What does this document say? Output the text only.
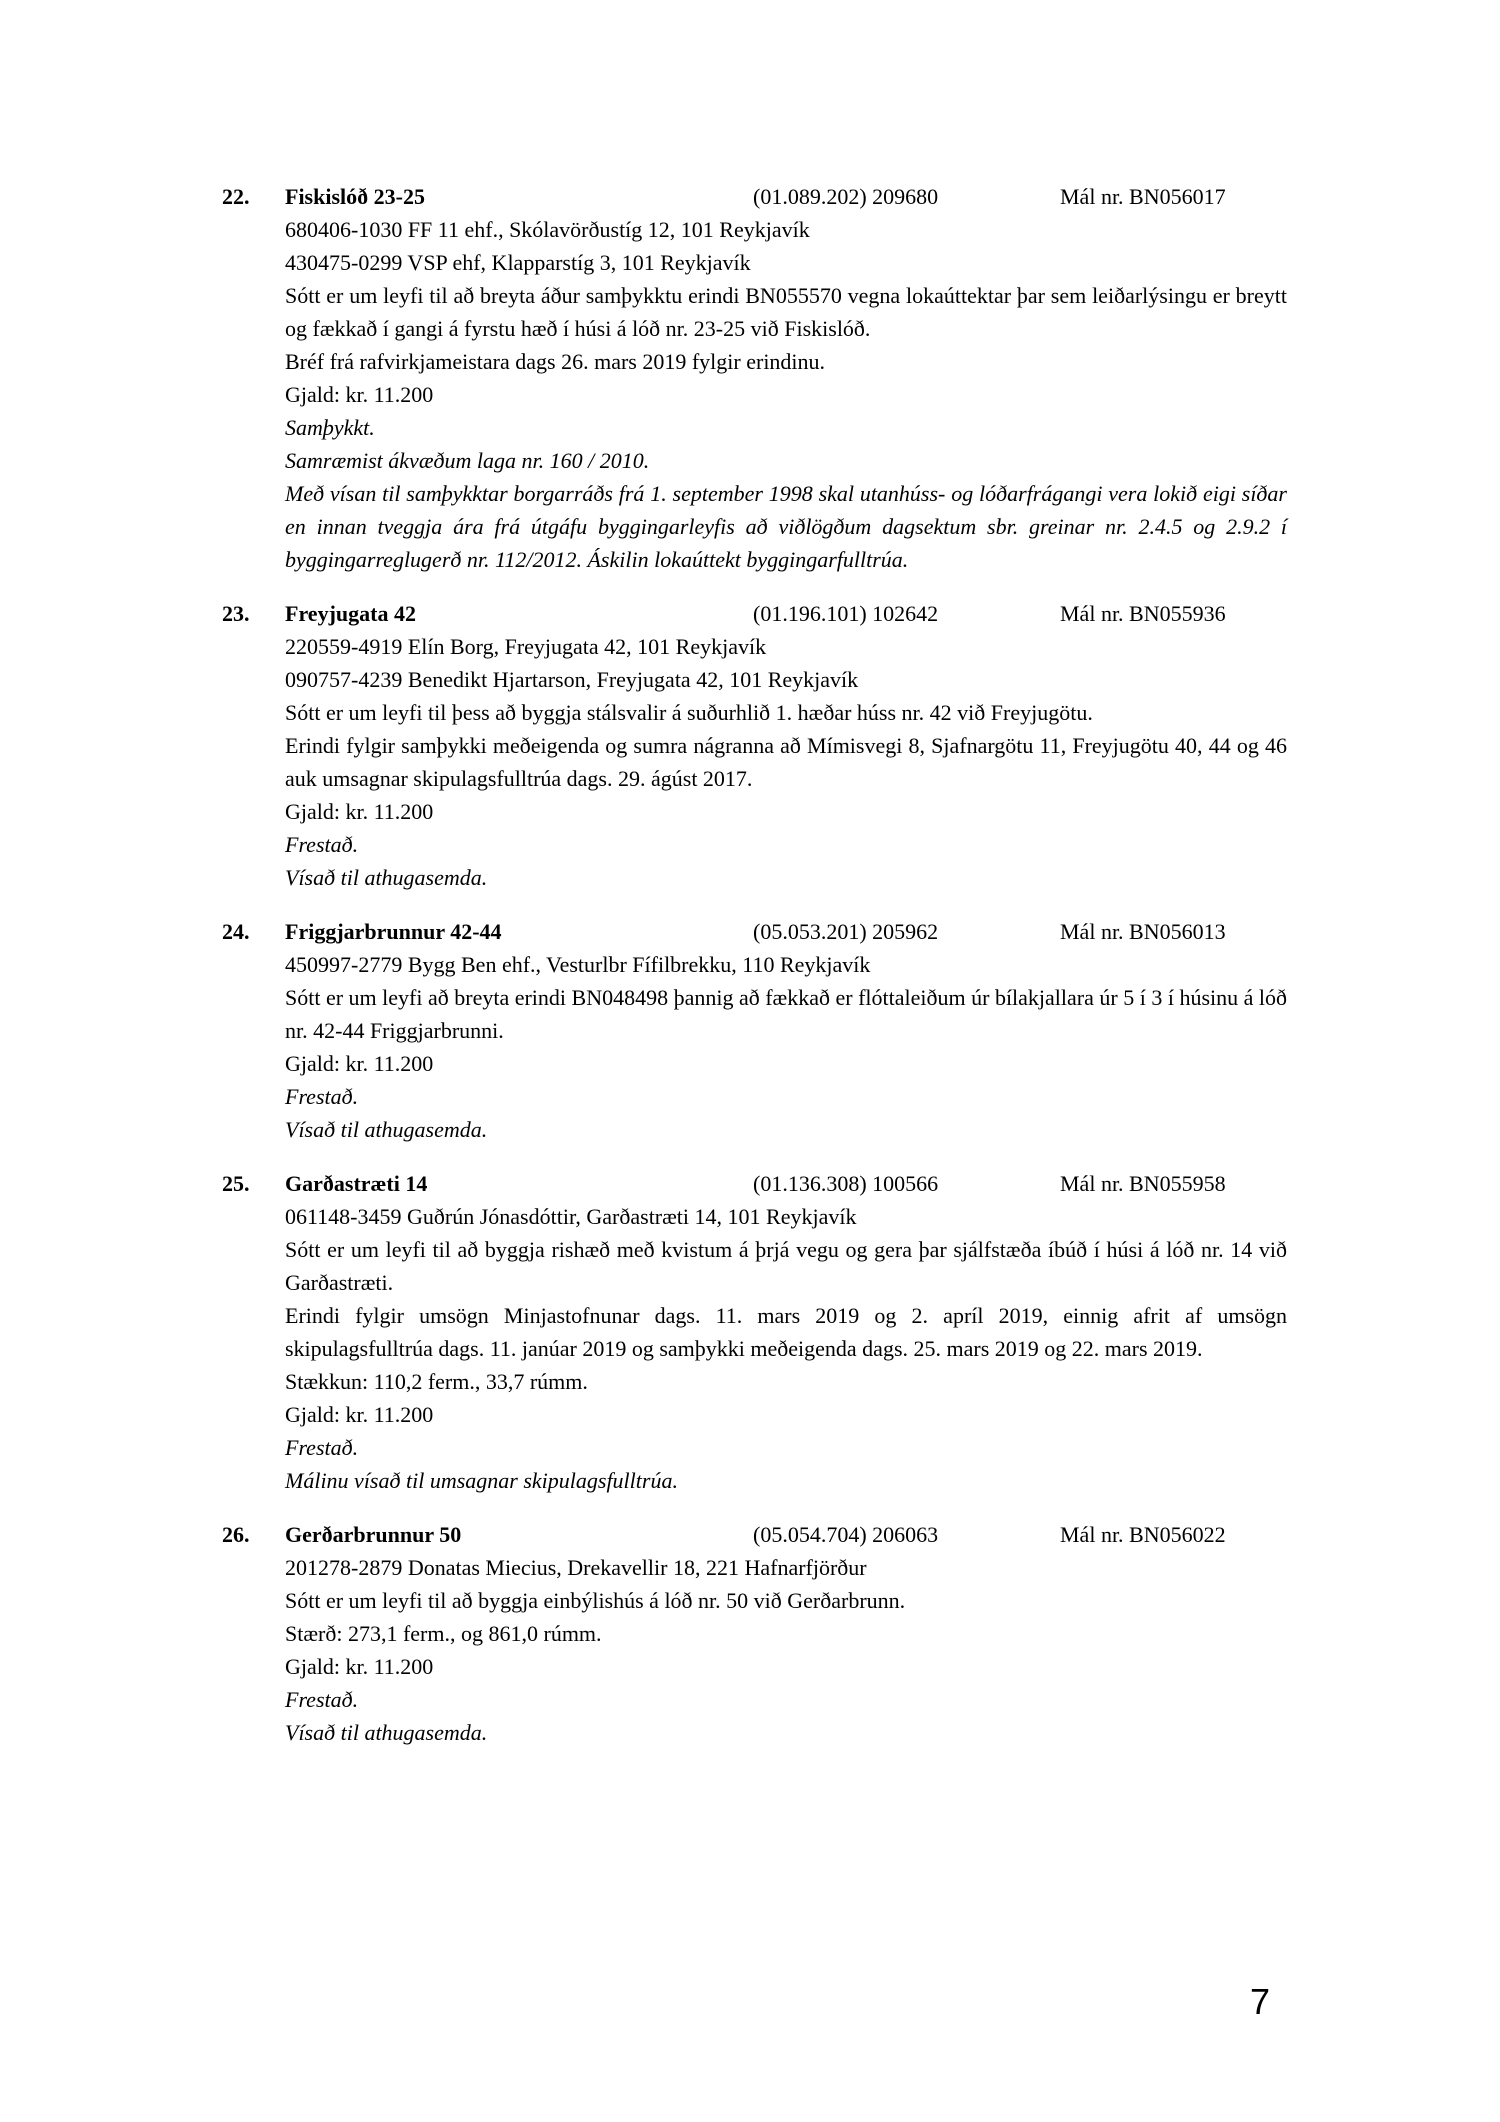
22. Fiskislóð 23-25	(01.089.202) 209680	Mál nr. BN056017
680406-1030 FF 11 ehf., Skólavörðustíg 12, 101 Reykjavík
430475-0299 VSP ehf, Klapparstíg 3, 101 Reykjavík
Sótt er um leyfi til að breyta áður samþykktu erindi BN055570 vegna lokaúttektar þar sem leiðarlýsingu er breytt og fækkað í gangi á fyrstu hæð í húsi á lóð nr. 23-25 við Fiskislóð.
Bréf frá rafvirkjameistara dags 26. mars 2019 fylgir erindinu.
Gjald: kr. 11.200
Samþykkt.
Samræmist ákvæðum laga nr. 160 / 2010.
Með vísan til samþykktar borgarráðs frá 1. september 1998 skal utanhúss- og lóðarfrágangi vera lokið eigi síðar en innan tveggja ára frá útgáfu byggingarleyfis að viðlögðum dagsektum sbr. greinar nr. 2.4.5 og 2.9.2 í byggingarreglugerð nr. 112/2012. Áskilin lokaúttekt byggingarfulltrúa.
23. Freyjugata 42	(01.196.101) 102642	Mál nr. BN055936
220559-4919 Elín Borg, Freyjugata 42, 101 Reykjavík
090757-4239 Benedikt Hjartarson, Freyjugata 42, 101 Reykjavík
Sótt er um leyfi til þess að byggja stálsvalir á suðurhlið 1. hæðar húss nr. 42 við Freyjugötu.
Erindi fylgir samþykki meðeigenda og sumra nágranna að Mímisvegi 8, Sjafnargötu 11, Freyjugötu 40, 44 og 46 auk umsagnar skipulagsfulltrúa dags. 29. ágúst 2017.
Gjald: kr. 11.200
Frestað.
Vísað til athugasemda.
24. Friggjarbrunnur 42-44	(05.053.201) 205962	Mál nr. BN056013
450997-2779 Bygg Ben ehf., Vesturlbr Fífilbrekku, 110 Reykjavík
Sótt er um leyfi að breyta erindi BN048498 þannig að fækkað er flóttaleiðum úr bílakjallara úr 5 í 3 í húsinu á lóð nr. 42-44 Friggjarbrunni.
Gjald: kr. 11.200
Frestað.
Vísað til athugasemda.
25. Garðastræti 14	(01.136.308) 100566	Mál nr. BN055958
061148-3459 Guðrún Jónasdóttir, Garðastræti 14, 101 Reykjavík
Sótt er um leyfi til að byggja rishæð með kvistum á þrjá vegu og gera þar sjálfstæða íbúð í húsi á lóð nr. 14 við Garðastræti.
Erindi fylgir umsögn Minjastofnunar dags. 11. mars 2019 og 2. apríl 2019, einnig afrit af umsögn skipulagsfulltrúa dags. 11. janúar 2019 og samþykki meðeigenda dags. 25. mars 2019 og 22. mars 2019.
Stækkun: 110,2 ferm., 33,7 rúmm.
Gjald: kr. 11.200
Frestað.
Málinu vísað til umsagnar skipulagsfulltrúa.
26. Gerðarbrunnur 50	(05.054.704) 206063	Mál nr. BN056022
201278-2879 Donatas Miecius, Drekavellir 18, 221 Hafnarfjörður
Sótt er um leyfi til að byggja einbýlishús á lóð nr. 50 við Gerðarbrunn.
Stærð: 273,1 ferm., og 861,0 rúmm.
Gjald: kr. 11.200
Frestað.
Vísað til athugasemda.
7
